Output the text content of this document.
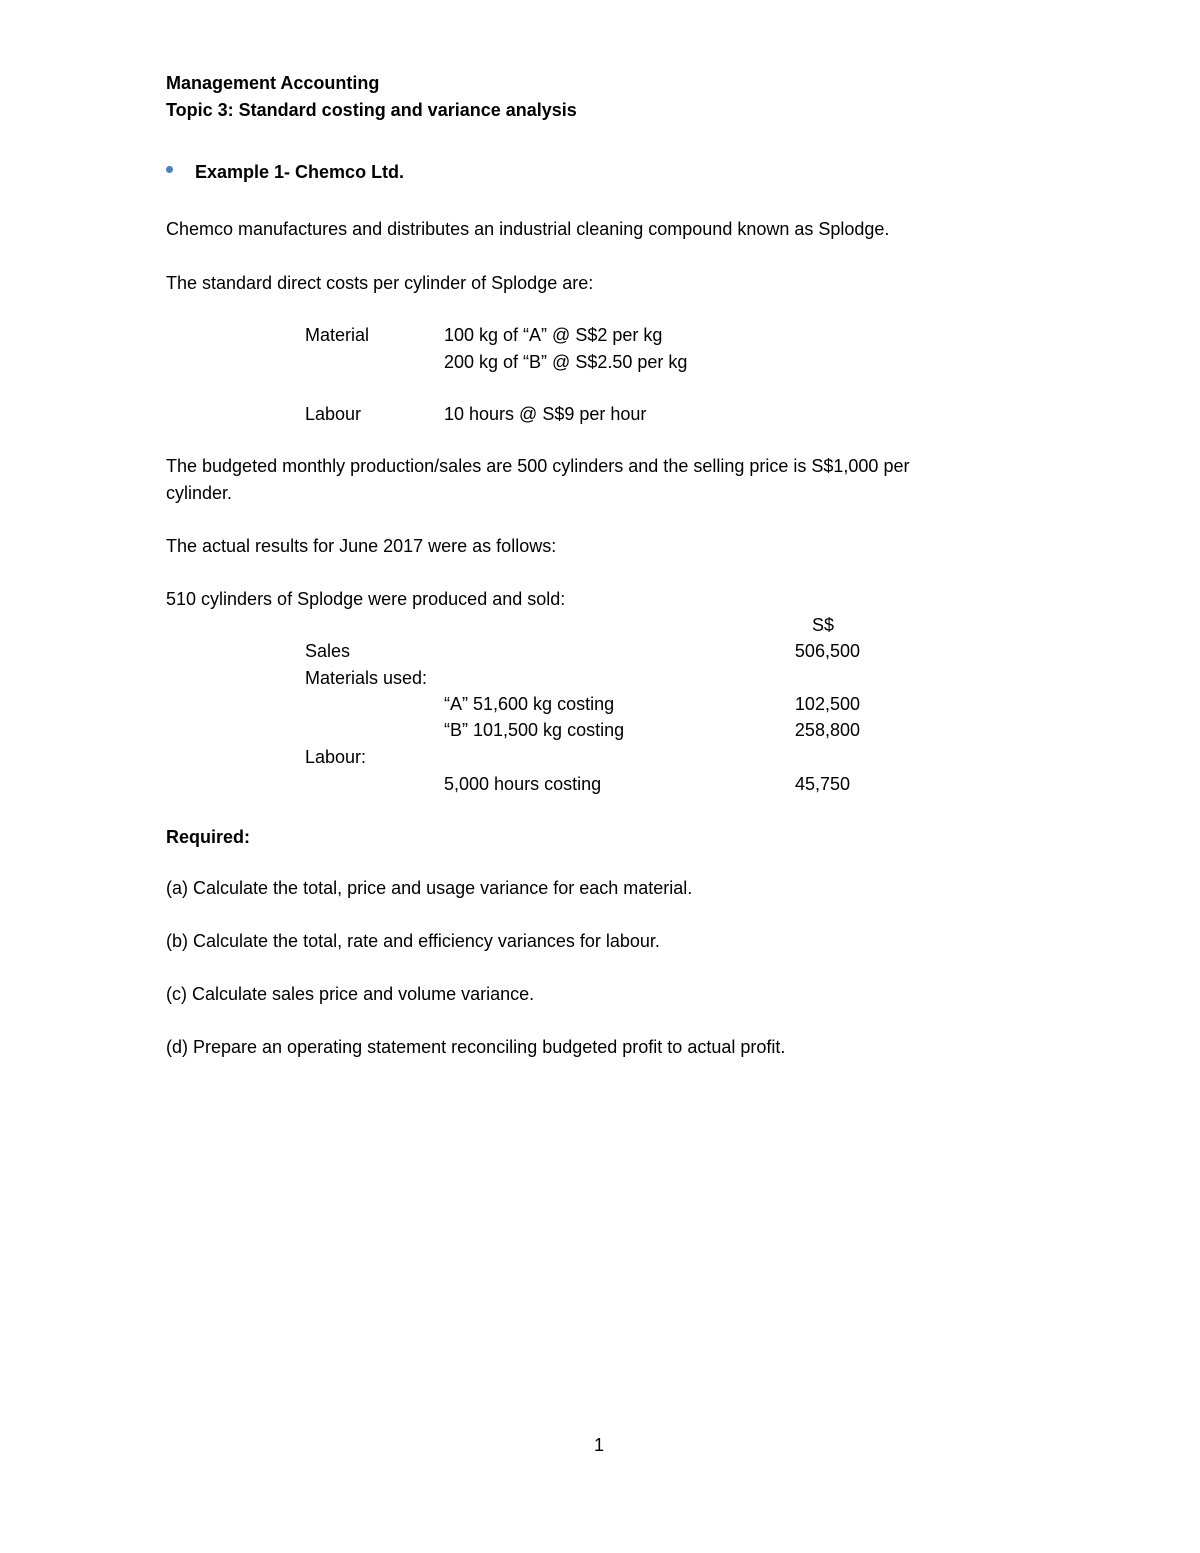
Management Accounting
Topic 3: Standard costing and variance analysis
Example 1- Chemco Ltd.
Chemco manufactures and distributes an industrial cleaning compound known as Splodge.
The standard direct costs per cylinder of Splodge are:
Material	100 kg of “A” @ S$2 per kg
200 kg of “B” @ S$2.50 per kg
Labour	10 hours @ S$9 per hour
The budgeted monthly production/sales are 500 cylinders and the selling price is S$1,000 per
cylinder.
The actual results for June 2017 were as follows:
510 cylinders of Splodge were produced and sold:
S$
Sales	506,500
Materials used:
“A” 51,600 kg costing	102,500
“B” 101,500 kg costing	258,800
Labour:
5,000 hours costing	45,750
Required:
(a) Calculate the total, price and usage variance for each material.
(b) Calculate the total, rate and efficiency variances for labour.
(c) Calculate sales price and volume variance.
(d) Prepare an operating statement reconciling budgeted profit to actual profit.
1
